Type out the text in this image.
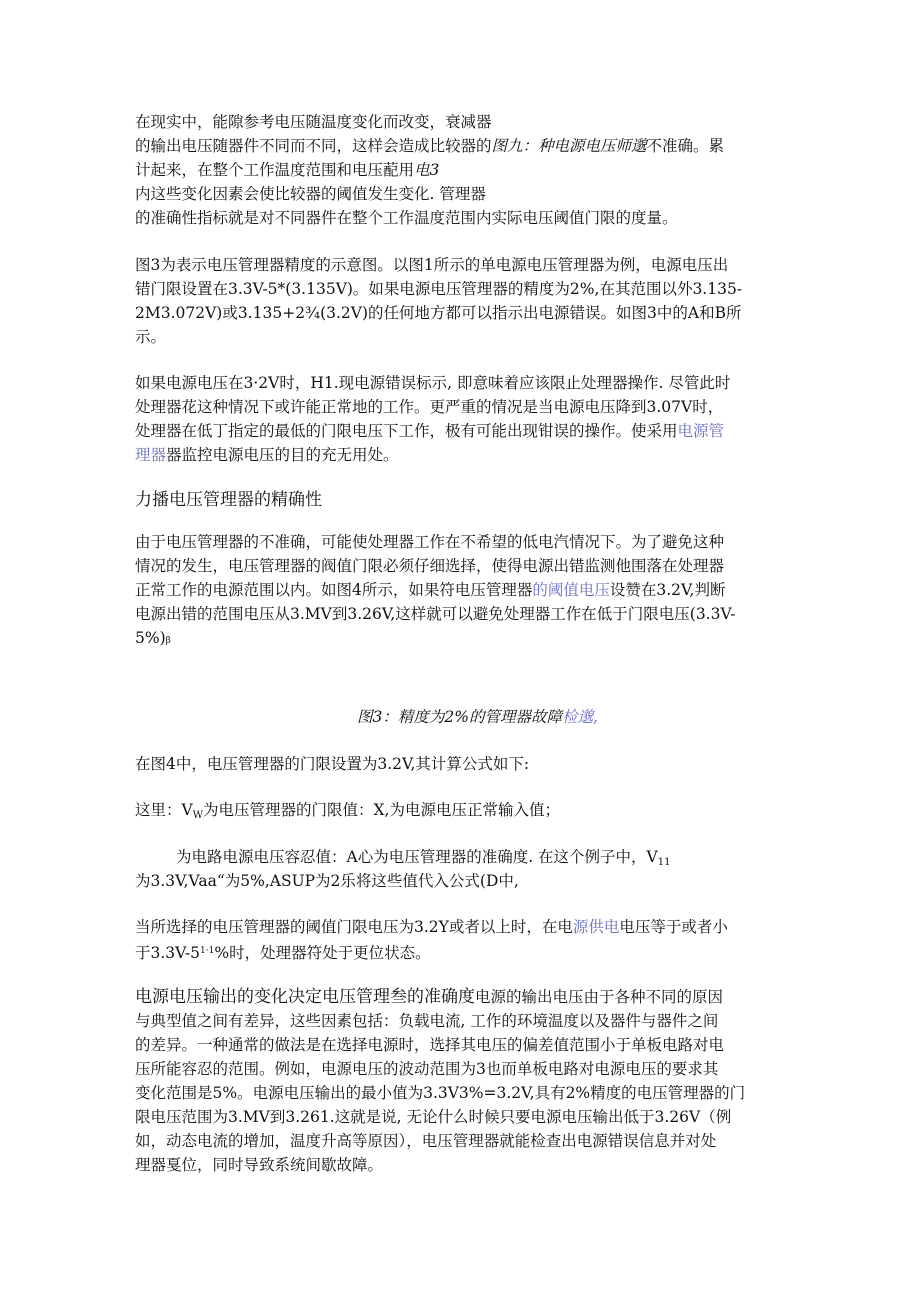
在现实中，能隙参考电压随温度变化而改变，衰减器
的输出电压随器件不同而不同，这样会造成比较器的图九：种电源电压师邈不准确。累
计起来，在整个工作温度范围和电压蓜用电3
内这些变化因素会使比较器的阈值发生变化. 管理器
的准确性指标就是对不同器件在整个工作温度范围内实际电压阈值门限的度量。
图3为表示电压管理器精度的示意图。以图1所示的单电源电压管理器为例，电源电压出
错门限设置在3.3V-5*(3.135V)。如果电源电压管理器的精度为2%,在其范围以外3.135-
2M3.072V)或3.135+2¾(3.2V)的任何地方都可以指示出电源错误。如图3中的A和B所
示。
如果电源电压在3·2V时，H1.现电源错误标示, 即意味着应该限止处理器操作. 尽管此时
处理器花这种情况下或许能正常地的工作。更严重的情况是当电源电压降到3.07V时，
处理器在低丁指定的最低的门限电压下工作，极有可能出现钳误的操作。使采用电源管
理器器监控电源电压的目的充无用处。
力播电压管理器的精确性
由于电压管理器的不准确，可能使处理器工作在不希望的低电汽情况下。为了避免这种
情况的发生，电压管理器的阀值门限必须仔细选择，使得电源出错监测他围落在处理器
正常工作的电源范围以内。如图4所示，如果符电压管理器的阈值电压设赞在3.2V,判断
电源出错的范围电压从3.MV到3.26V,这样就可以避免处理器工作在低于门限电压(3.3V-
5%)β
图3：精度为2%的管理器故障检邈,
在图4中，电压管理器的门限设置为3.2V,其计算公式如下:
这里：$V_W$为电压管理器的门限值：X,为电源电压正常输入值；
为电路电源电压容忍值：A心为电压管理器的准确度. 在这个例子中，$V_{11}$
为3.3V,Vaa“为5%,ASUP为2乐将这些值代入公式(D中,
当所选择的电压管理器的阈值门限电压为3.2Y或者以上时，在电源供电电压等于或者小
于$3.3V-5^{1\cdot 1}\%$时，处理器符处于更位状态。
电源电压输出的变化决定电压管理叁的准确度电源的输出电压由于各种不同的原因
与典型值之间有差异，这些因素包括：负载电流, 工作的环境温度以及器件与器件之间
的差异。一种通常的做法是在选择电源时，选择其电压的偏差值范围小于单板电路对电
压所能容忍的范围。例如，电源电压的波动范围为3也而单板电路对电源电压的要求其
变化范围是5%。电源电压输出的最小值为3.3V3%=3.2V,具有2%精度的电压管理器的门
限电压范围为3.MV到3.261.这就是说, 无论什么时候只要电源电压输出低于3.26V（例
如，动态电流的增加，温度升高等原因），电压管理器就能检查出电源错误信息并对处
理器戛位，同时导致系统间歇故障。
